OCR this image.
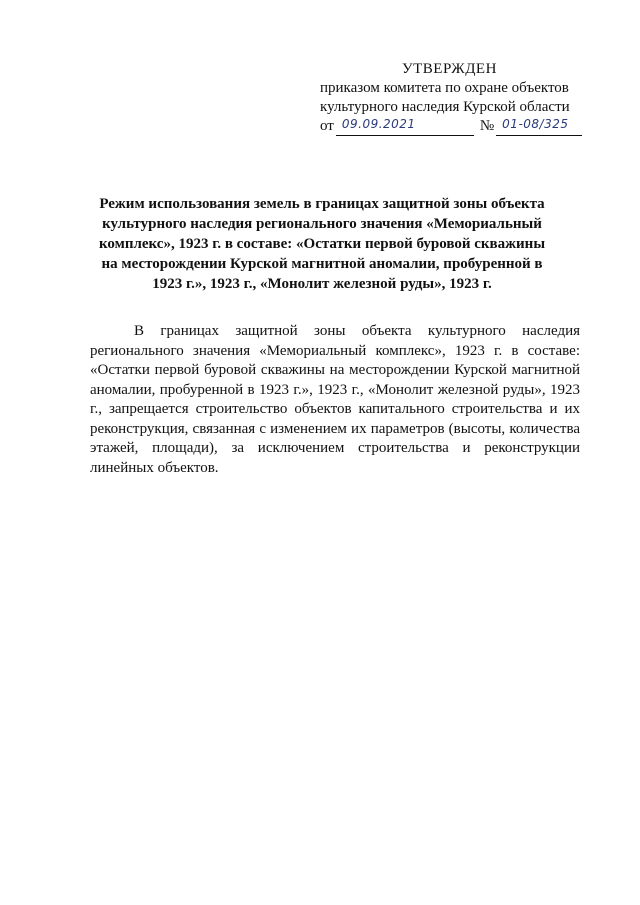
УТВЕРЖДЕН
приказом комитета по охране объектов
культурного наследия Курской области
от 09.09.2021	№ 01-08/325
Режим использования земель в границах защитной зоны объекта культурного наследия регионального значения «Мемориальный комплекс», 1923 г. в составе: «Остатки первой буровой скважины на месторождении Курской магнитной аномалии, пробуренной в 1923 г.», 1923 г., «Монолит железной руды», 1923 г.
В границах защитной зоны объекта культурного наследия регионального значения «Мемориальный комплекс», 1923 г. в составе: «Остатки первой буровой скважины на месторождении Курской магнитной аномалии, пробуренной в 1923 г.», 1923 г., «Монолит железной руды», 1923 г., запрещается строительство объектов капитального строительства и их реконструкция, связанная с изменением их параметров (высоты, количества этажей, площади), за исключением строительства и реконструкции линейных объектов.
